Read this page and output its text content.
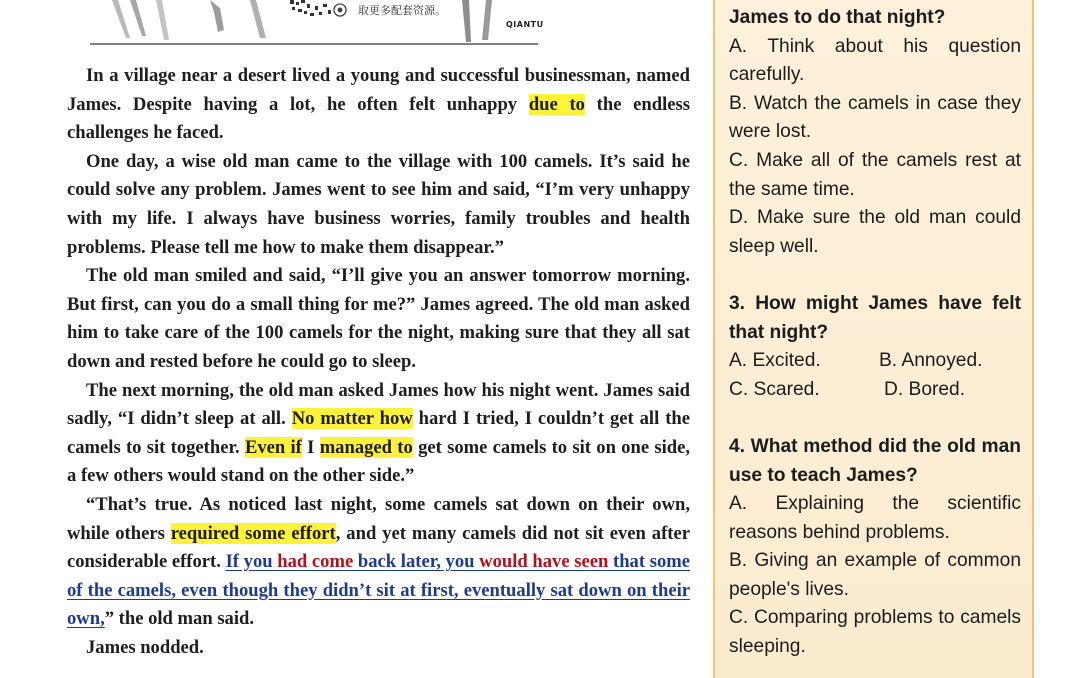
取更多配套资源。
QIANTU

In a village near a desert lived a young and successful businessman, named James. Despite having a lot, he often felt unhappy due to the endless challenges he faced.

One day, a wise old man came to the village with 100 camels. It’s said he could solve any problem. James went to see him and said, “I’m very unhappy with my life. I always have business worries, family troubles and health problems. Please tell me how to make them disappear.”

The old man smiled and said, “I’ll give you an answer tomorrow morning. But first, can you do a small thing for me?” James agreed. The old man asked him to take care of the 100 camels for the night, making sure that they all sat down and rested before he could go to sleep.

The next morning, the old man asked James how his night went. James said sadly, “I didn’t sleep at all. No matter how hard I tried, I couldn’t get all the camels to sit together. Even if I managed to get some camels to sit on one side, a few others would stand on the other side.”

“That’s true. As noticed last night, some camels sat down on their own, while others required some effort, and yet many camels did not sit even after considerable effort. If you had come back later, you would have seen that some of the camels, even though they didn’t sit at first, eventually sat down on their own,” the old man said.

James nodded.

James to do that night?

A. Think about his question carefully.

B. Watch the camels in case they were lost.

C. Make all of the camels rest at the same time.

D. Make sure the old man could sleep well.

3. How might James have felt that night?

A. Excited.	B. Annoyed.
C. Scared.	D. Bored.

4. What method did the old man use to teach James?

A. Explaining the scientific reasons behind problems.

B. Giving an example of common people's lives.

C. Comparing problems to camels sleeping.
